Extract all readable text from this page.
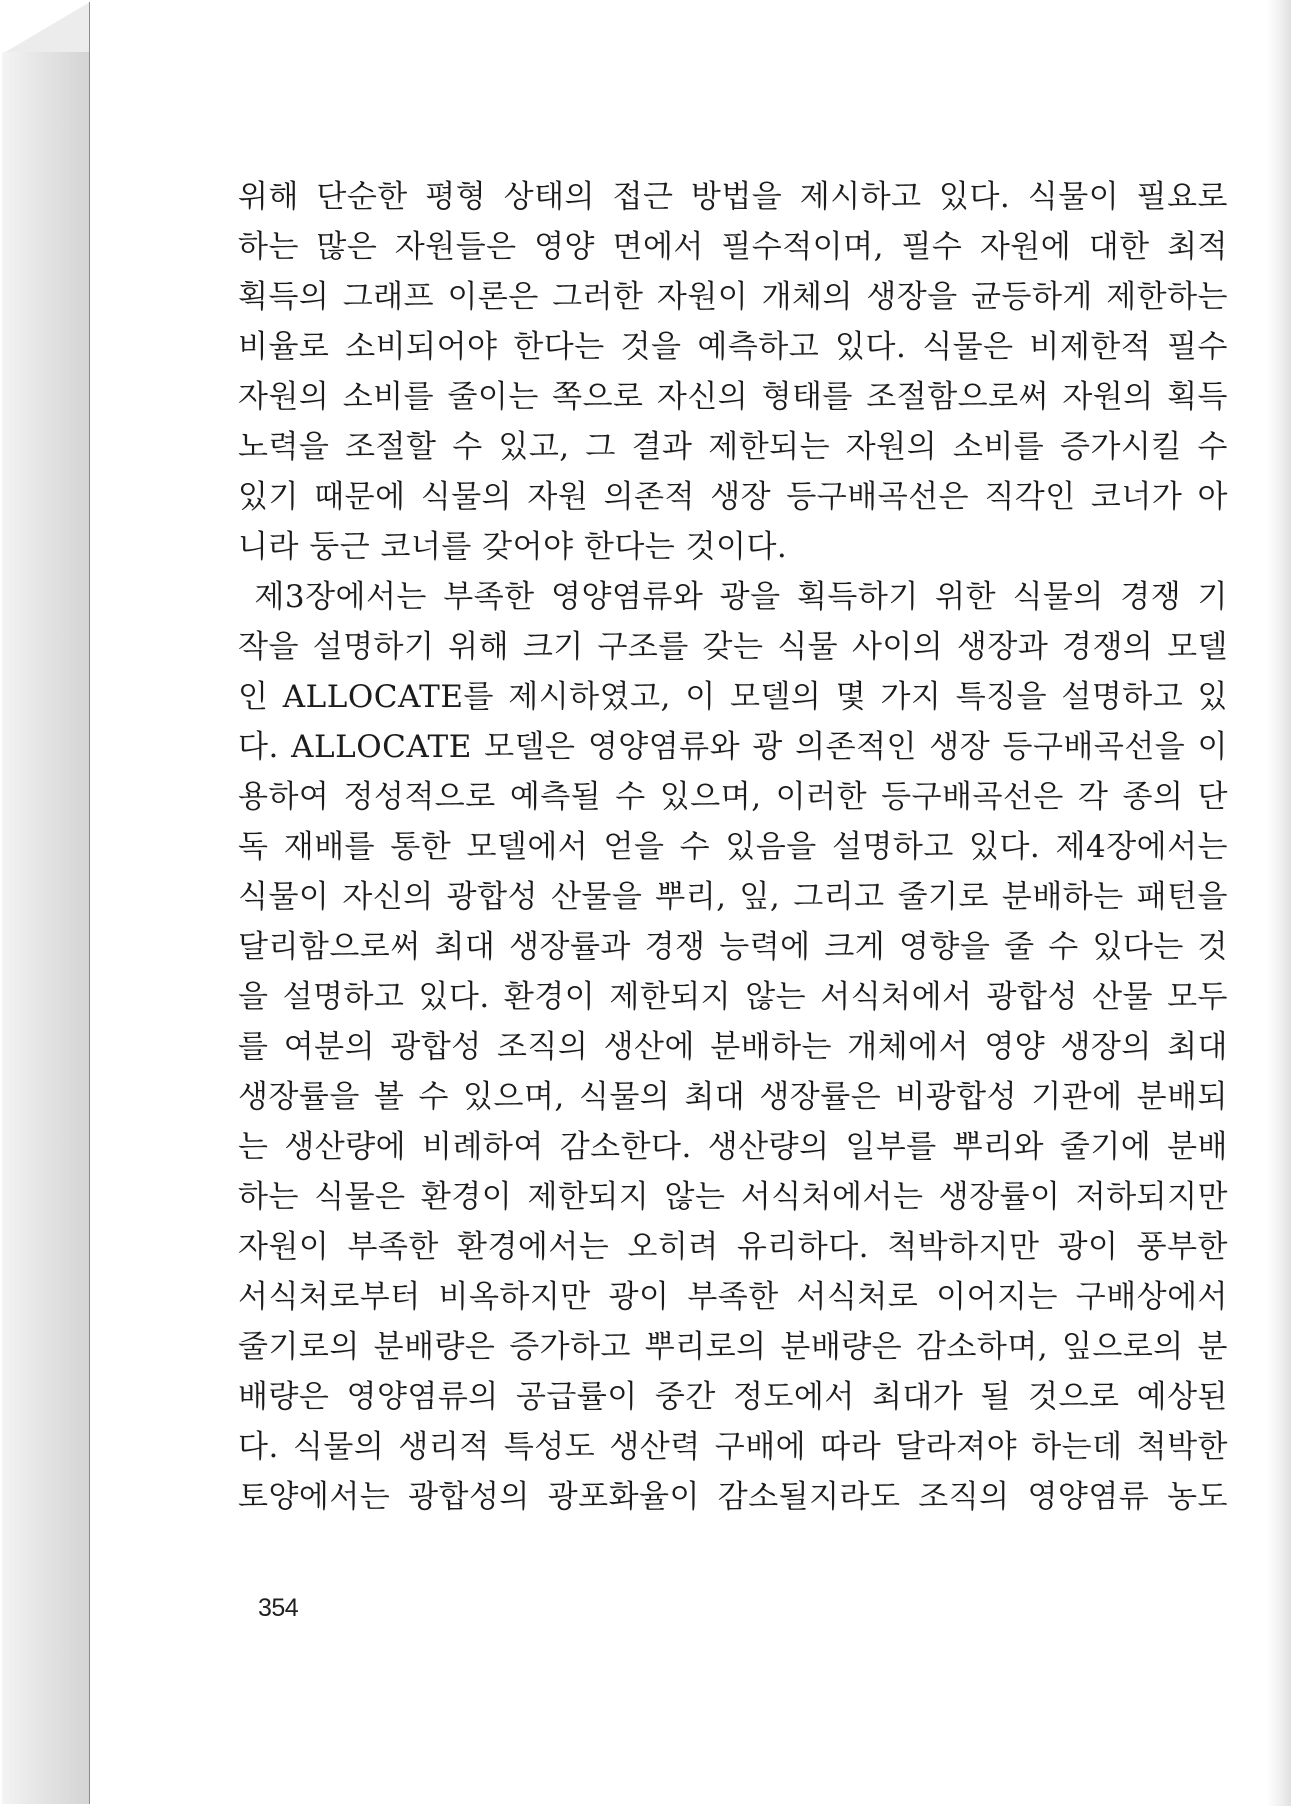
위해 단순한 평형 상태의 접근 방법을 제시하고 있다. 식물이 필요로
하는 많은 자원들은 영양 면에서 필수적이며, 필수 자원에 대한 최적
획득의 그래프 이론은 그러한 자원이 개체의 생장을 균등하게 제한하는
비율로 소비되어야 한다는 것을 예측하고 있다. 식물은 비제한적 필수
자원의 소비를 줄이는 쪽으로 자신의 형태를 조절함으로써 자원의 획득
노력을 조절할 수 있고, 그 결과 제한되는 자원의 소비를 증가시킬 수
있기 때문에 식물의 자원 의존적 생장 등구배곡선은 직각인 코너가 아
니라 둥근 코너를 갖어야 한다는 것이다.
제3장에서는 부족한 영양염류와 광을 획득하기 위한 식물의 경쟁 기
작을 설명하기 위해 크기 구조를 갖는 식물 사이의 생장과 경쟁의 모델
인 ALLOCATE를 제시하였고, 이 모델의 몇 가지 특징을 설명하고 있
다. ALLOCATE 모델은 영양염류와 광 의존적인 생장 등구배곡선을 이
용하여 정성적으로 예측될 수 있으며, 이러한 등구배곡선은 각 종의 단
독 재배를 통한 모델에서 얻을 수 있음을 설명하고 있다. 제4장에서는
식물이 자신의 광합성 산물을 뿌리, 잎, 그리고 줄기로 분배하는 패턴을
달리함으로써 최대 생장률과 경쟁 능력에 크게 영향을 줄 수 있다는 것
을 설명하고 있다. 환경이 제한되지 않는 서식처에서 광합성 산물 모두
를 여분의 광합성 조직의 생산에 분배하는 개체에서 영양 생장의 최대
생장률을 볼 수 있으며, 식물의 최대 생장률은 비광합성 기관에 분배되
는 생산량에 비례하여 감소한다. 생산량의 일부를 뿌리와 줄기에 분배
하는 식물은 환경이 제한되지 않는 서식처에서는 생장률이 저하되지만
자원이 부족한 환경에서는 오히려 유리하다. 척박하지만 광이 풍부한
서식처로부터 비옥하지만 광이 부족한 서식처로 이어지는 구배상에서
줄기로의 분배량은 증가하고 뿌리로의 분배량은 감소하며, 잎으로의 분
배량은 영양염류의 공급률이 중간 정도에서 최대가 될 것으로 예상된
다. 식물의 생리적 특성도 생산력 구배에 따라 달라져야 하는데 척박한
토양에서는 광합성의 광포화율이 감소될지라도 조직의 영양염류 농도
354
